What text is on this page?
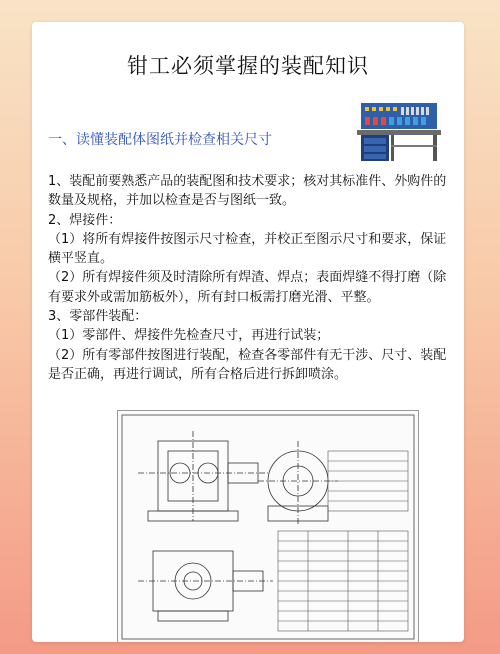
钳工必须掌握的装配知识
一、读懂装配体图纸并检查相关尺寸

1、装配前要熟悉产品的装配图和技术要求；核对其标准件、外购件的数量及规格，并加以检查是否与图纸一致。

2、焊接件：

（1）将所有焊接件按图示尺寸检查，并校正至图示尺寸和要求，保证横平竖直。

（2）所有焊接件须及时清除所有焊渣、焊点；表面焊缝不得打磨（除有要求外或需加筋板外），所有封口板需打磨光滑、平整。

3、零部件装配：

（1）零部件、焊接件先检查尺寸，再进行试装；

（2）所有零部件按图进行装配，检查各零部件有无干涉、尺寸、装配是否正确，再进行调试，所有合格后进行拆卸喷涂。
